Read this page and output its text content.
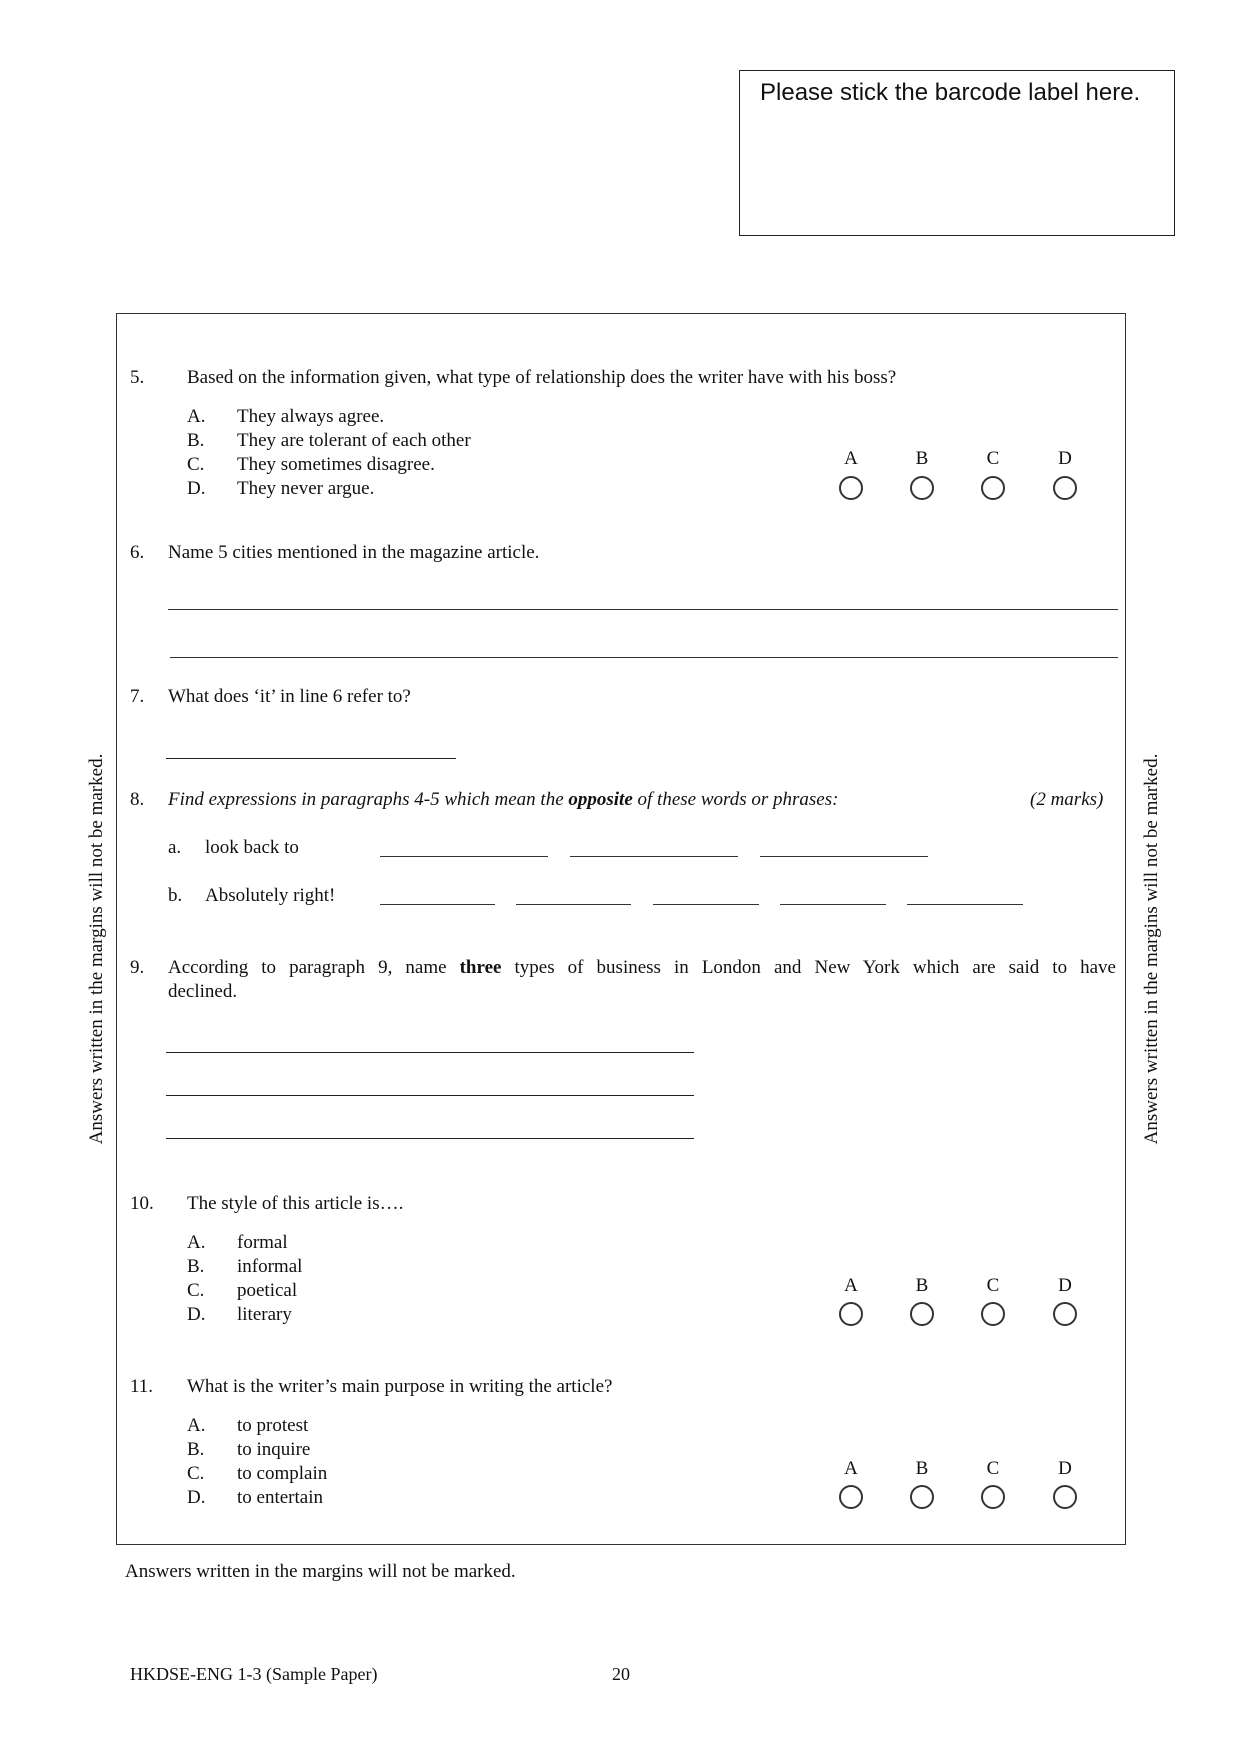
Please stick the barcode label here.
Answers written in the margins will not be marked.	Answers written in the margins will not be marked.
5. Based on the information given, what type of relationship does the writer have with his boss?
A. They always agree.
B. They are tolerant of each other
C. They sometimes disagree.
D. They never argue.
A	B	C	D
6. Name 5 cities mentioned in the magazine article.
7. What does ‘it’ in line 6 refer to?
8. Find expressions in paragraphs 4-5 which mean the opposite of these words or phrases:	(2 marks)
a. look back to
b. Absolutely right!
9. According to paragraph 9, name three types of business in London and New York which are said to have
declined.
10. The style of this article is….
A. formal
B. informal
C. poetical
D. literary
A	B	C	D
11. What is the writer’s main purpose in writing the article?
A. to protest
B. to inquire
C. to complain
D. to entertain
A	B	C	D
Answers written in the margins will not be marked.
HKDSE-ENG 1-3 (Sample Paper)	20
